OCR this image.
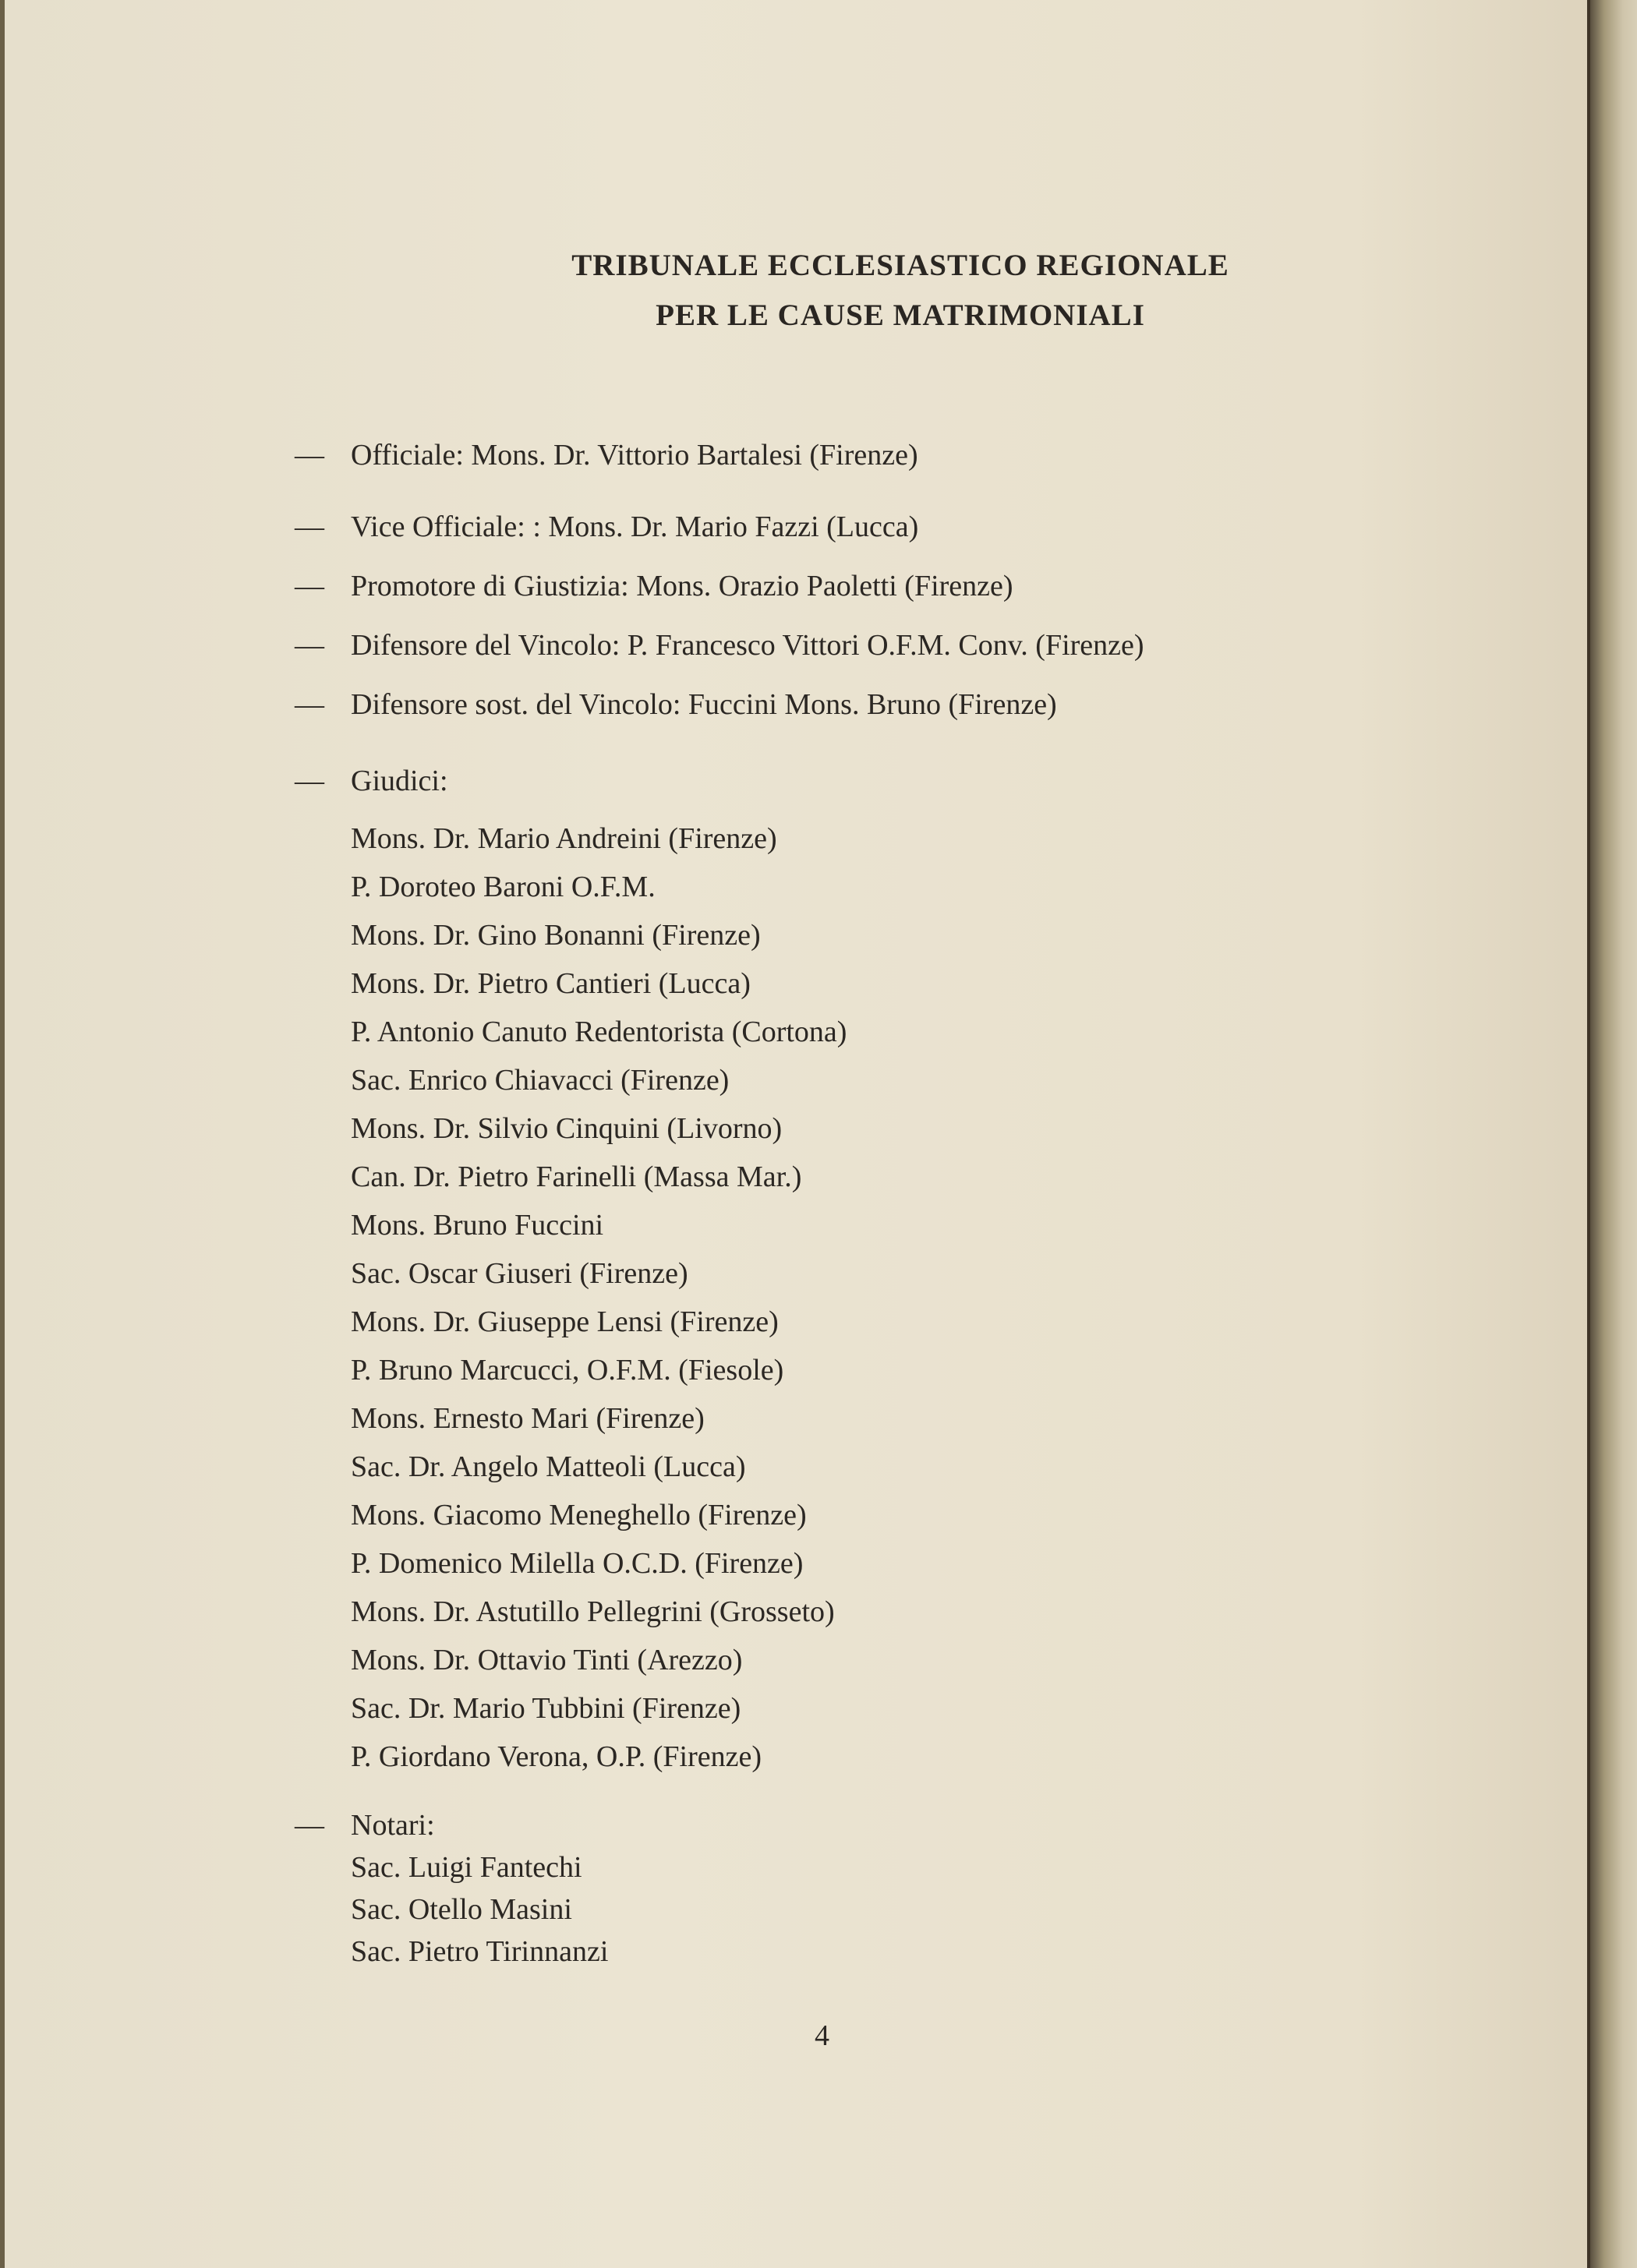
TRIBUNALE ECCLESIASTICO REGIONALE
PER LE CAUSE MATRIMONIALI
— Officiale: Mons. Dr. Vittorio Bartalesi (Firenze)
— Vice Officiale: : Mons. Dr. Mario Fazzi (Lucca)
— Promotore di Giustizia: Mons. Orazio Paoletti (Firenze)
— Difensore del Vincolo: P. Francesco Vittori O.F.M. Conv. (Firenze)
— Difensore sost. del Vincolo: Fuccini Mons. Bruno (Firenze)
— Giudici:
Mons. Dr. Mario Andreini (Firenze)
P. Doroteo Baroni O.F.M.
Mons. Dr. Gino Bonanni (Firenze)
Mons. Dr. Pietro Cantieri (Lucca)
P. Antonio Canuto Redentorista (Cortona)
Sac. Enrico Chiavacci (Firenze)
Mons. Dr. Silvio Cinquini (Livorno)
Can. Dr. Pietro Farinelli (Massa Mar.)
Mons. Bruno Fuccini
Sac. Oscar Giuseri (Firenze)
Mons. Dr. Giuseppe Lensi (Firenze)
P. Bruno Marcucci, O.F.M. (Fiesole)
Mons. Ernesto Mari (Firenze)
Sac. Dr. Angelo Matteoli (Lucca)
Mons. Giacomo Meneghello (Firenze)
P. Domenico Milella O.C.D. (Firenze)
Mons. Dr. Astutillo Pellegrini (Grosseto)
Mons. Dr. Ottavio Tinti (Arezzo)
Sac. Dr. Mario Tubbini (Firenze)
P. Giordano Verona, O.P. (Firenze)
— Notari:
Sac. Luigi Fantechi
Sac. Otello Masini
Sac. Pietro Tirinnanzi
4
